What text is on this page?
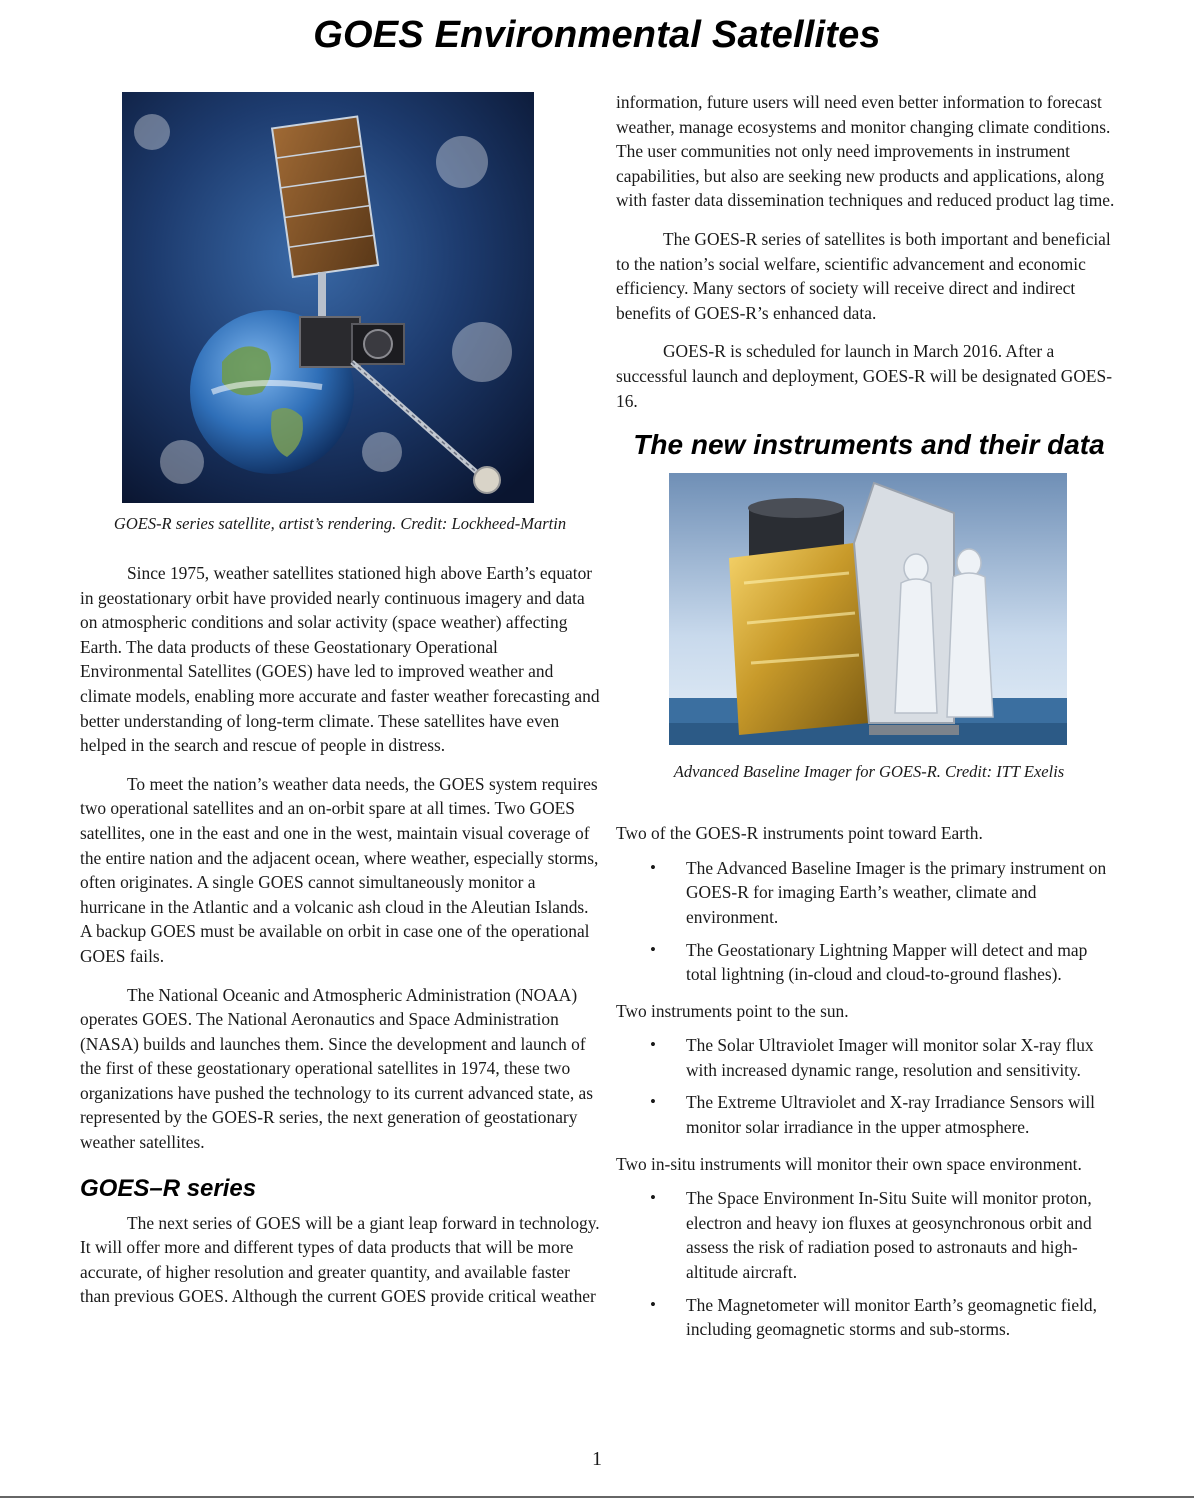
GOES Environmental Satellites

GOES-R series satellite, artist’s rendering. Credit: Lockheed-Martin

Since 1975, weather satellites stationed high above Earth’s equator in geostationary orbit have provided nearly continuous imagery and data on atmospheric conditions and solar activity (space weather) affecting Earth. The data products of these Geostationary Operational Environmental Satellites (GOES) have led to improved weather and climate models, enabling more accurate and faster weather forecasting and better understanding of long-term climate. These satellites have even helped in the search and rescue of people in distress.

To meet the nation’s weather data needs, the GOES system requires two operational satellites and an on-orbit spare at all times. Two GOES satellites, one in the east and one in the west, maintain visual coverage of the entire nation and the adjacent ocean, where weather, especially storms, often originates. A single GOES cannot simultaneously monitor a hurricane in the Atlantic and a volcanic ash cloud in the Aleutian Islands. A backup GOES must be available on orbit in case one of the operational GOES fails.

The National Oceanic and Atmospheric Administration (NOAA) operates GOES. The National Aeronautics and Space Administration (NASA) builds and launches them. Since the development and launch of the first of these geostationary operational satellites in 1974, these two organizations have pushed the technology to its current advanced state, as represented by the GOES-R series, the next generation of geostationary weather satellites.

GOES–R series

The next series of GOES will be a giant leap forward in technology. It will offer more and different types of data products that will be more accurate, of higher resolution and greater quantity, and available faster than previous GOES. Although the current GOES provide critical weather

information, future users will need even better information to forecast weather, manage ecosystems and monitor changing climate conditions. The user communities not only need improvements in instrument capabilities, but also are seeking new products and applications, along with faster data dissemination techniques and reduced product lag time.

The GOES-R series of satellites is both important and beneficial to the nation’s social welfare, scientific advancement and economic efficiency. Many sectors of society will receive direct and indirect benefits of GOES-R’s enhanced data.

GOES-R is scheduled for launch in March 2016. After a successful launch and deployment, GOES-R will be designated GOES-16.

The new instruments and their data

Advanced Baseline Imager for GOES-R. Credit: ITT Exelis

Two of the GOES-R instruments point toward Earth.

• The Advanced Baseline Imager is the primary instrument on GOES-R for imaging Earth’s weather, climate and environment.
• The Geostationary Lightning Mapper will detect and map total lightning (in-cloud and cloud-to-ground flashes).

Two instruments point to the sun.

• The Solar Ultraviolet Imager will monitor solar X-ray flux with increased dynamic range, resolution and sensitivity.
• The Extreme Ultraviolet and X-ray Irradiance Sensors will monitor solar irradiance in the upper atmosphere.

Two in-situ instruments will monitor their own space environment.

• The Space Environment In-Situ Suite will monitor proton, electron and heavy ion fluxes at geosynchronous orbit and assess the risk of radiation posed to astronauts and high-altitude aircraft.
• The Magnetometer will monitor Earth’s geomagnetic field, including geomagnetic storms and sub-storms.

1
